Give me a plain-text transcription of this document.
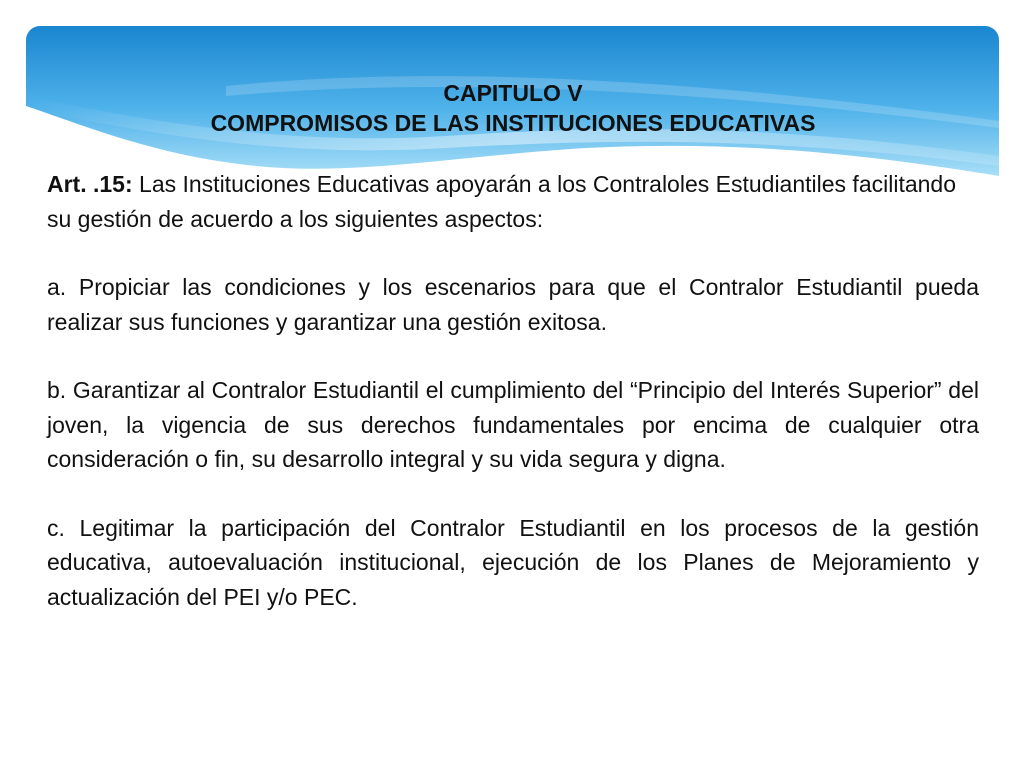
CAPITULO V
COMPROMISOS DE LAS INSTITUCIONES EDUCATIVAS
Art. .15: Las Instituciones Educativas apoyarán a los Contraloles Estudiantiles facilitando su gestión de acuerdo a los siguientes aspectos:
a. Propiciar las condiciones y los escenarios para que el Contralor Estudiantil pueda realizar sus funciones y garantizar una gestión exitosa.
b. Garantizar al Contralor Estudiantil el cumplimiento del “Principio del Interés Superior” del joven, la vigencia de sus derechos fundamentales por encima de cualquier otra consideración o fin, su desarrollo integral y su vida segura y digna.
c. Legitimar la participación del Contralor Estudiantil en los procesos de la gestión educativa, autoevaluación institucional, ejecución de los Planes de Mejoramiento y actualización del PEI y/o PEC.
